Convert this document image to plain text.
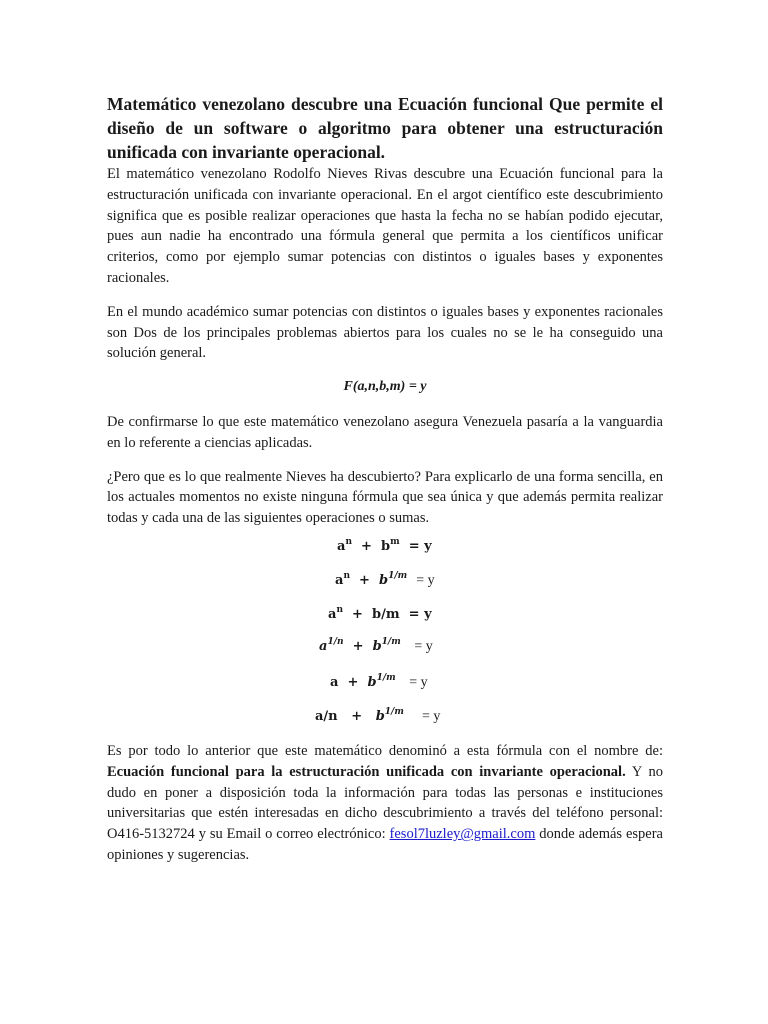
Matemático venezolano descubre una Ecuación funcional Que permite el diseño de un software o algoritmo para obtener una estructuración unificada con invariante operacional.

El matemático venezolano Rodolfo Nieves Rivas descubre una Ecuación funcional para la estructuración unificada con invariante operacional. En el argot científico este descubrimiento significa que es posible realizar operaciones que hasta la fecha no se habían podido ejecutar, pues aun nadie ha encontrado una fórmula general que permita a los científicos unificar criterios, como por ejemplo sumar potencias con distintos o iguales bases y exponentes racionales.

En el mundo académico sumar potencias con distintos o iguales bases y exponentes racionales son Dos de los principales problemas abiertos para los cuales no se le ha conseguido una solución general.

F(a,n,b,m) = y

De confirmarse lo que este matemático venezolano asegura Venezuela pasaría a la vanguardia en lo referente a ciencias aplicadas.

¿Pero que es lo que realmente Nieves ha descubierto? Para explicarlo de una forma sencilla, en los actuales momentos no existe ninguna fórmula que sea única y que además permita realizar todas y cada una de las siguientes operaciones o sumas.

$a^n + b^m = y$
$a^n + b^{1/m} = y$
$a^n + b/m = y$
$a^{1/n} + b^{1/m} = y$
$a + b^{1/m} = y$
$a/n + b^{1/m} = y$

Es por todo lo anterior que este matemático denominó a esta fórmula con el nombre de: Ecuación funcional para la estructuración unificada con invariante operacional. Y no dudo en poner a disposición toda la información para todas las personas e instituciones universitarias que estén interesadas en dicho descubrimiento a través del teléfono personal: O416-5132724 y su Email o correo electrónico: fesol7luzley@gmail.com donde además espera opiniones y sugerencias.
